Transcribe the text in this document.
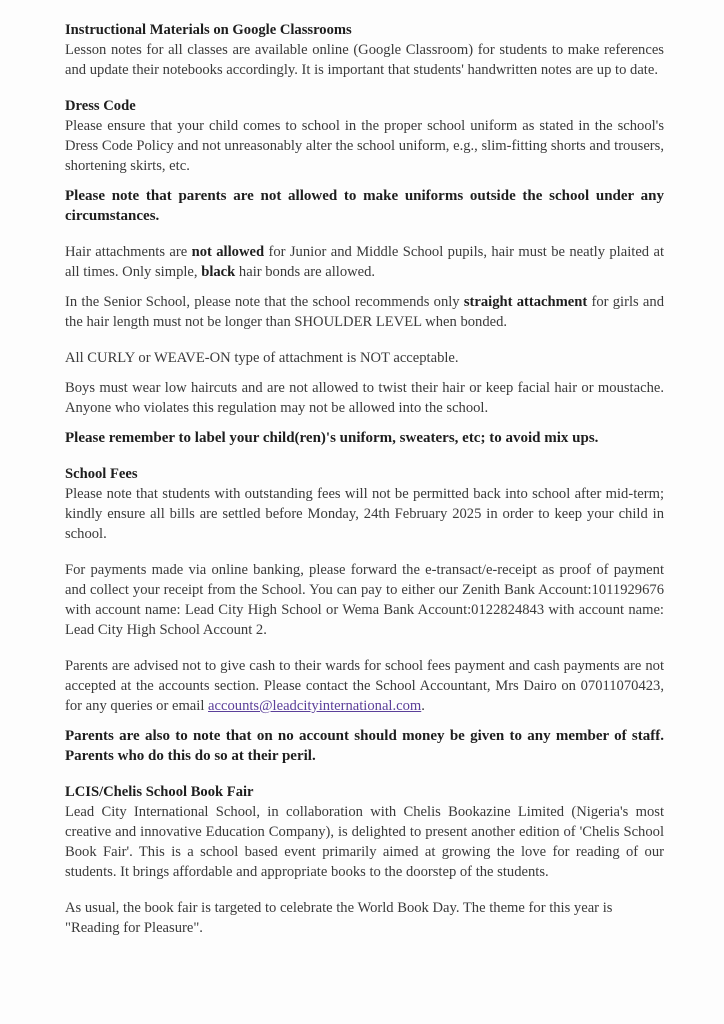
Instructional Materials on Google Classrooms

Lesson notes for all classes are available online (Google Classroom) for students to make references and update their notebooks accordingly. It is important that students' handwritten notes are up to date.

Dress Code

Please ensure that your child comes to school in the proper school uniform as stated in the school's Dress Code Policy and not unreasonably alter the school uniform, e.g., slim-fitting shorts and trousers, shortening skirts, etc.

Please note that parents are not allowed to make uniforms outside the school under any circumstances.

Hair attachments are not allowed for Junior and Middle School pupils, hair must be neatly plaited at all times. Only simple, black hair bonds are allowed.

In the Senior School, please note that the school recommends only straight attachment for girls and the hair length must not be longer than SHOULDER LEVEL when bonded.

All CURLY or WEAVE-ON type of attachment is NOT acceptable.

Boys must wear low haircuts and are not allowed to twist their hair or keep facial hair or moustache. Anyone who violates this regulation may not be allowed into the school.

Please remember to label your child(ren)'s uniform, sweaters, etc; to avoid mix ups.

School Fees

Please note that students with outstanding fees will not be permitted back into school after mid-term; kindly ensure all bills are settled before Monday, 24th February 2025 in order to keep your child in school.

For payments made via online banking, please forward the e-transact/e-receipt as proof of payment and collect your receipt from the School. You can pay to either our Zenith Bank Account:1011929676 with account name: Lead City High School or Wema Bank Account:0122824843 with account name: Lead City High School Account 2.

Parents are advised not to give cash to their wards for school fees payment and cash payments are not accepted at the accounts section. Please contact the School Accountant, Mrs Dairo on 07011070423, for any queries or email accounts@leadcityinternational.com.

Parents are also to note that on no account should money be given to any member of staff. Parents who do this do so at their peril.

LCIS/Chelis School Book Fair

Lead City International School, in collaboration with Chelis Bookazine Limited (Nigeria's most creative and innovative Education Company), is delighted to present another edition of 'Chelis School Book Fair'. This is a school based event primarily aimed at growing the love for reading of our students. It brings affordable and appropriate books to the doorstep of the students.

As usual, the book fair is targeted to celebrate the World Book Day. The theme for this year is "Reading for Pleasure".
